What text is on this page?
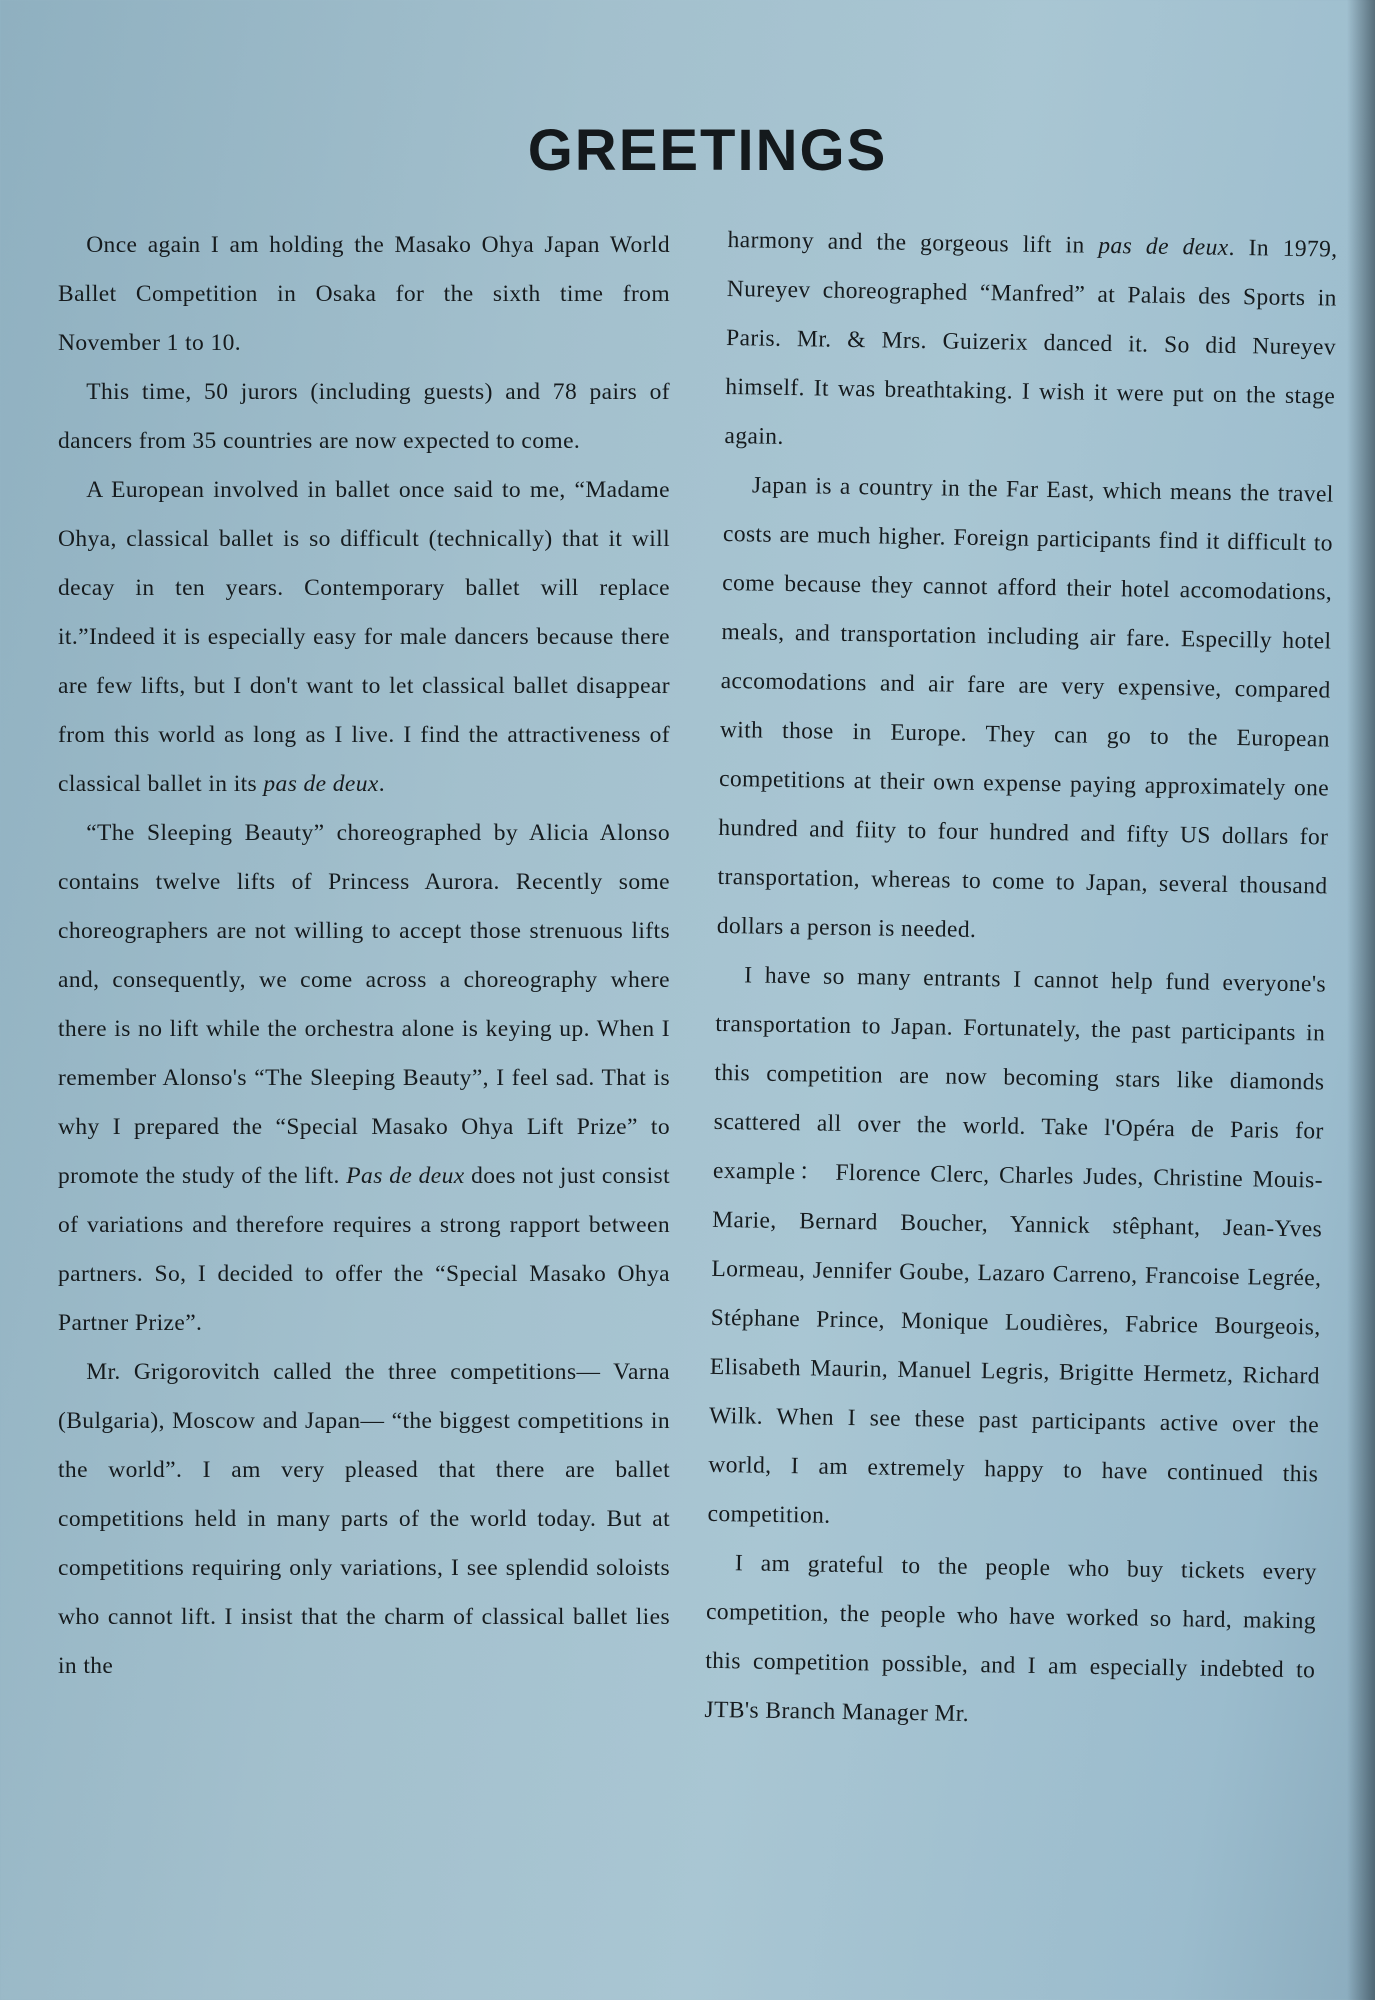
GREETINGS

Once again I am holding the Masako Ohya Japan World Ballet Competition in Osaka for the sixth time from November 1 to 10.

This time, 50 jurors (including guests) and 78 pairs of dancers from 35 countries are now expected to come.

A European involved in ballet once said to me, “Madame Ohya, classical ballet is so difficult (technically) that it will decay in ten years. Contemporary ballet will replace it.”Indeed it is especially easy for male dancers because there are few lifts, but I don't want to let classical ballet disappear from this world as long as I live. I find the attractiveness of classical ballet in its pas de deux.

“The Sleeping Beauty” choreographed by Alicia Alonso contains twelve lifts of Princess Aurora. Recently some choreographers are not willing to accept those strenuous lifts and, consequently, we come across a choreography where there is no lift while the orchestra alone is keying up. When I remember Alonso's “The Sleeping Beauty”, I feel sad. That is why I prepared the “Special Masako Ohya Lift Prize” to promote the study of the lift. Pas de deux does not just consist of variations and therefore requires a strong rapport between partners. So, I decided to offer the “Special Masako Ohya Partner Prize”.

Mr. Grigorovitch called the three competitions— Varna (Bulgaria), Moscow and Japan— “the biggest competitions in the world”. I am very pleased that there are ballet competitions held in many parts of the world today. But at competitions requiring only variations, I see splendid soloists who cannot lift. I insist that the charm of classical ballet lies in the

harmony and the gorgeous lift in pas de deux. In 1979, Nureyev choreographed “Manfred” at Palais des Sports in Paris. Mr. & Mrs. Guizerix danced it. So did Nureyev himself. It was breathtaking. I wish it were put on the stage again.

Japan is a country in the Far East, which means the travel costs are much higher. Foreign participants find it difficult to come because they cannot afford their hotel accomodations, meals, and transportation including air fare. Especilly hotel accomodations and air fare are very expensive, compared with those in Europe. They can go to the European competitions at their own expense paying approximately one hundred and fiity to four hundred and fifty US dollars for transportation, whereas to come to Japan, several thousand dollars a person is needed.

I have so many entrants I cannot help fund everyone's transportation to Japan. Fortunately, the past participants in this competition are now becoming stars like diamonds scattered all over the world. Take l'Opéra de Paris for example： Florence Clerc, Charles Judes, Christine Mouis-Marie, Bernard Boucher, Yannick stêphant, Jean-Yves Lormeau, Jennifer Goube, Lazaro Carreno, Francoise Legrée, Stéphane Prince, Monique Loudières, Fabrice Bourgeois, Elisabeth Maurin, Manuel Legris, Brigitte Hermetz, Richard Wilk. When I see these past participants active over the world, I am extremely happy to have continued this competition.

I am grateful to the people who buy tickets every competition, the people who have worked so hard, making this competition possible, and I am especially indebted to JTB's Branch Manager Mr.
